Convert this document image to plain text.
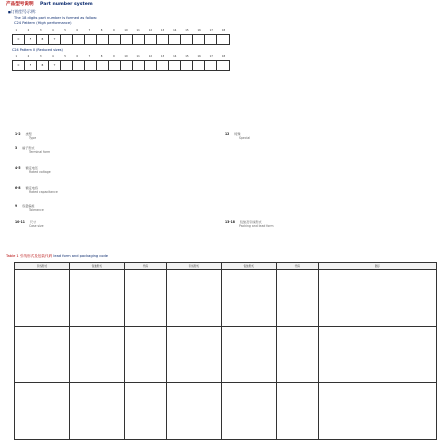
产品型号说明 Part number system
■ 订购型号示例：
The 18 digits part number is formed as follow:
C24 Pattern (High performance)
1	2	3	4	5	6	7	8	9	10	11	12	13	14	15	16	17	18
C	F	B	T
C24 Pattern II (Reduced sizes)
1	2	3	4	5	6	7	8	9	10	11	12	13	14	15	16	17	18
C	F	B	T
1-2 类型
Type
3 端子形式
Terminal form
4-5 额定电压
Rated voltage
6-8 额定电容
Rated capacitance
9 容量偏差
Tolerance
10-11 尺寸
Case size
12 特殊
Special
13-18 包装及引线形式
Packing and lead form
Table 1 引线形式及包装代码 lead form and packaging code
引线形式	包装形式	代码	引线形式	包装形式	代码	图示
